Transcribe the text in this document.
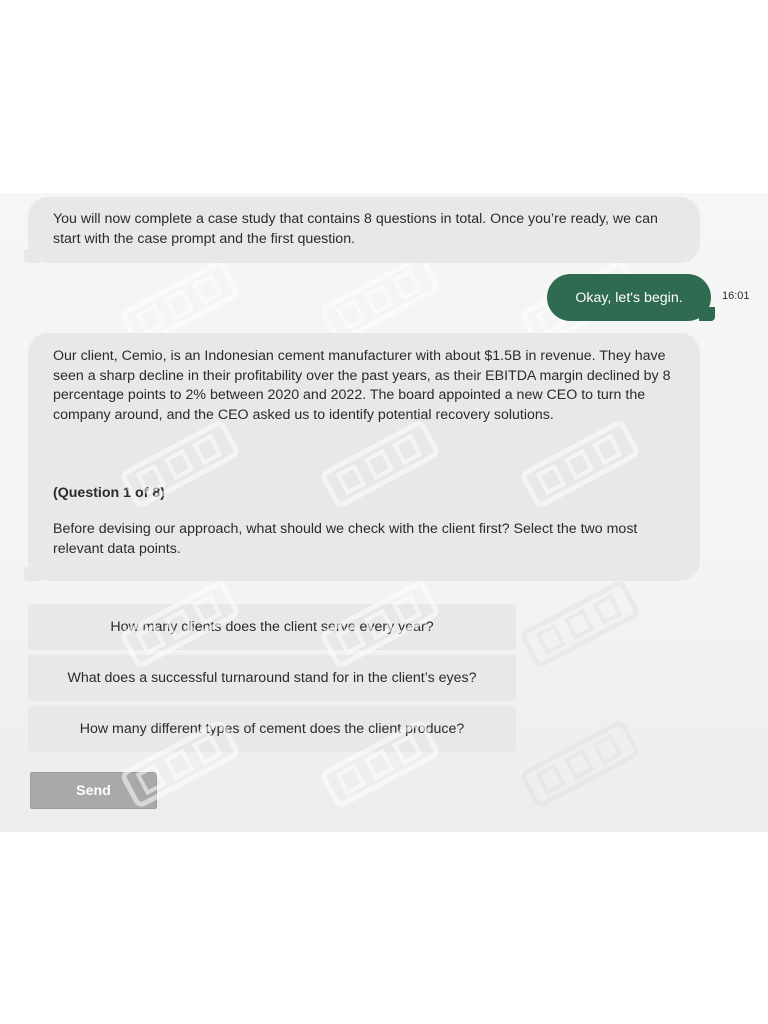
You will now complete a case study that contains 8 questions in total. Once you’re ready, we can start with the case prompt and the first question.

Okay, let's begin.	16:01

Our client, Cemio, is an Indonesian cement manufacturer with about $1.5B in revenue. They have seen a sharp decline in their profitability over the past years, as their EBITDA margin declined by 8 percentage points to 2% between 2020 and 2022. The board appointed a new CEO to turn the company around, and the CEO asked us to identify potential recovery solutions.

(Question 1 of 8)

Before devising our approach, what should we check with the client first? Select the two most relevant data points.

How many clients does the client serve every year?
What does a successful turnaround stand for in the client’s eyes?
How many different types of cement does the client produce?
Send
